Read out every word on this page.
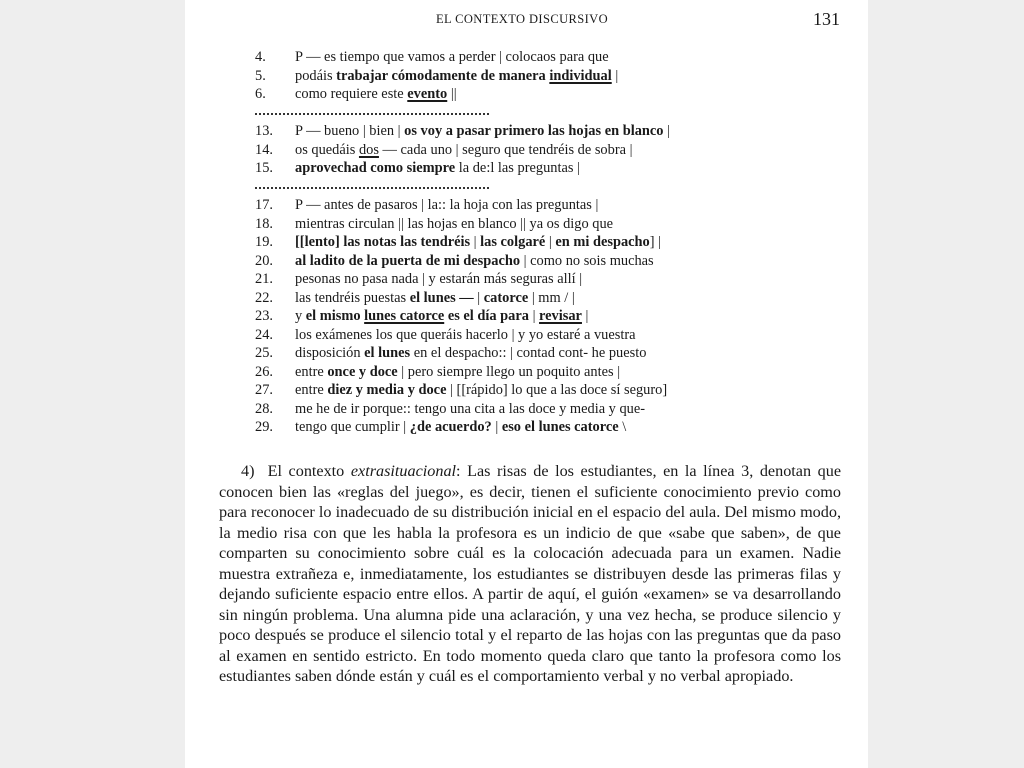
EL CONTEXTO DISCURSIVO	131
4.	P — es tiempo que vamos a perder | colocaos para que
5.	podáis trabajar cómodamente de manera individual |
6.	como requiere este evento ||
13.	P — bueno | bien | os voy a pasar primero las hojas en blanco |
14.	os quedáis dos — cada uno | seguro que tendréis de sobra |
15.	aprovechad como siempre la de:l las preguntas |
17.	P — antes de pasaros | la:: la hoja con las preguntas |
18.	mientras circulan || las hojas en blanco || ya os digo que
19.	[[lento] las notas las tendréis | las colgaré | en mi despacho] |
20.	al ladito de la puerta de mi despacho | como no sois muchas
21.	pesonas no pasa nada | y estarán más seguras allí |
22.	las tendréis puestas el lunes — | catorce | mm / |
23.	y el mismo lunes catorce es el día para | revisar |
24.	los exámenes los que queráis hacerlo | y yo estaré a vuestra
25.	disposición el lunes en el despacho:: | contad cont- he puesto
26.	entre once y doce | pero siempre llego un poquito antes |
27.	entre diez y media y doce | [[rápido] lo que a las doce sí seguro]
28.	me he de ir porque:: tengo una cita a las doce y media y que-
29.	tengo que cumplir | ¿de acuerdo? | eso el lunes catorce \

4)  El contexto extrasituacional: Las risas de los estudiantes, en la línea 3, denotan que conocen bien las «reglas del juego», es decir, tienen el suficiente conocimiento previo como para reconocer lo inadecuado de su distribución inicial en el espacio del aula. Del mismo modo, la medio risa con que les habla la profesora es un indicio de que «sabe que saben», de que comparten su conocimiento sobre cuál es la colocación adecuada para un examen. Nadie muestra extrañeza e, inmediatamente, los estudiantes se distribuyen desde las primeras filas y dejando suficiente espacio entre ellos. A partir de aquí, el guión «examen» se va desarrollando sin ningún problema. Una alumna pide una aclaración, y una vez hecha, se produce silencio y poco después se produce el silencio total y el reparto de las hojas con las preguntas que da paso al examen en sentido estricto. En todo momento queda claro que tanto la profesora como los estudiantes saben dónde están y cuál es el comportamiento verbal y no verbal apropiado.
